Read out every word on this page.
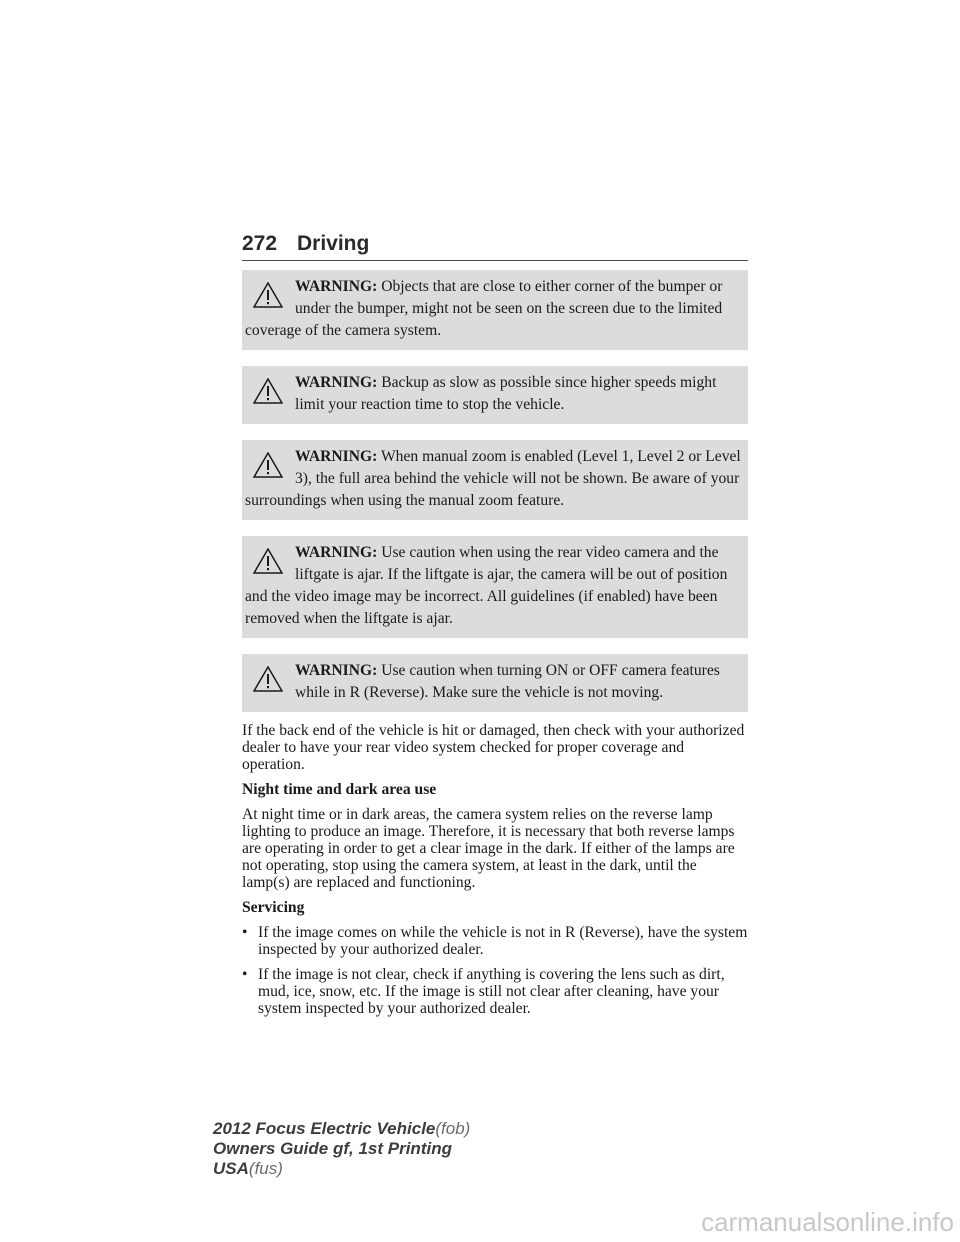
272 Driving
WARNING: Objects that are close to either corner of the bumper or under the bumper, might not be seen on the screen due to the limited coverage of the camera system.
WARNING: Backup as slow as possible since higher speeds might limit your reaction time to stop the vehicle.
WARNING: When manual zoom is enabled (Level 1, Level 2 or Level 3), the full area behind the vehicle will not be shown. Be aware of your surroundings when using the manual zoom feature.
WARNING: Use caution when using the rear video camera and the liftgate is ajar. If the liftgate is ajar, the camera will be out of position and the video image may be incorrect. All guidelines (if enabled) have been removed when the liftgate is ajar.
WARNING: Use caution when turning ON or OFF camera features while in R (Reverse). Make sure the vehicle is not moving.

If the back end of the vehicle is hit or damaged, then check with your authorized dealer to have your rear video system checked for proper coverage and operation.

Night time and dark area use

At night time or in dark areas, the camera system relies on the reverse lamp lighting to produce an image. Therefore, it is necessary that both reverse lamps are operating in order to get a clear image in the dark. If either of the lamps are not operating, stop using the camera system, at least in the dark, until the lamp(s) are replaced and functioning.

Servicing
• If the image comes on while the vehicle is not in R (Reverse), have the system inspected by your authorized dealer.
• If the image is not clear, check if anything is covering the lens such as dirt, mud, ice, snow, etc. If the image is still not clear after cleaning, have your system inspected by your authorized dealer.
2012 Focus Electric Vehicle(fob)
Owners Guide gf, 1st Printing
USA(fus)
carmanualsonline.info
